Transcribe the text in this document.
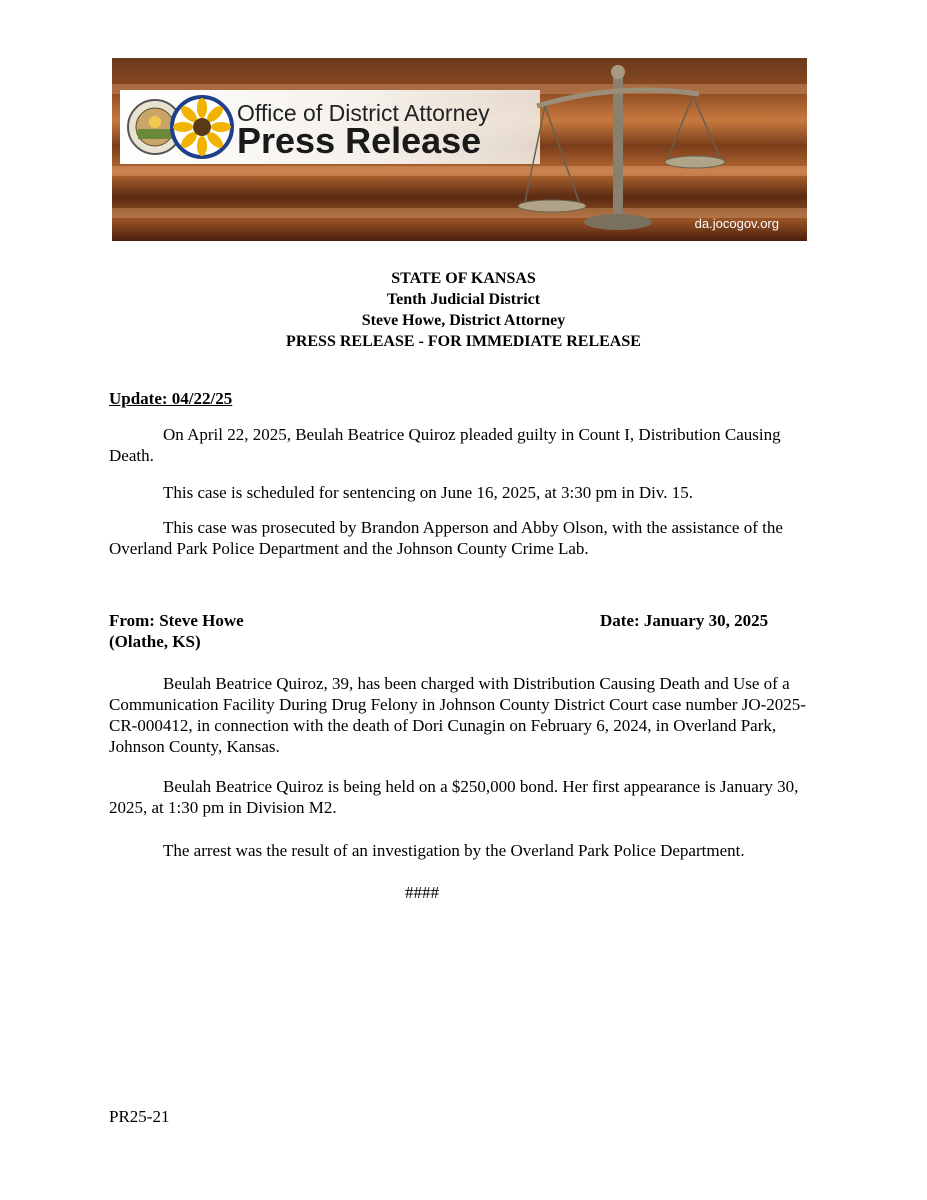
Office of District Attorney
Press Release
da.jocogov.org
STATE OF KANSAS
Tenth Judicial District
Steve Howe, District Attorney
PRESS RELEASE - FOR IMMEDIATE RELEASE
Update: 04/22/25
On April 22, 2025, Beulah Beatrice Quiroz pleaded guilty in Count I, Distribution Causing Death.
This case is scheduled for sentencing on June 16, 2025, at 3:30 pm in Div. 15.
This case was prosecuted by Brandon Apperson and Abby Olson, with the assistance of the Overland Park Police Department and the Johnson County Crime Lab.
From: Steve Howe	Date: January 30, 2025
(Olathe, KS)
Beulah Beatrice Quiroz, 39, has been charged with Distribution Causing Death and Use of a Communication Facility During Drug Felony in Johnson County District Court case number JO-2025-CR-000412, in connection with the death of Dori Cunagin on February 6, 2024, in Overland Park, Johnson County, Kansas.
Beulah Beatrice Quiroz is being held on a $250,000 bond. Her first appearance is January 30, 2025, at 1:30 pm in Division M2.
The arrest was the result of an investigation by the Overland Park Police Department.
####
PR25-21
